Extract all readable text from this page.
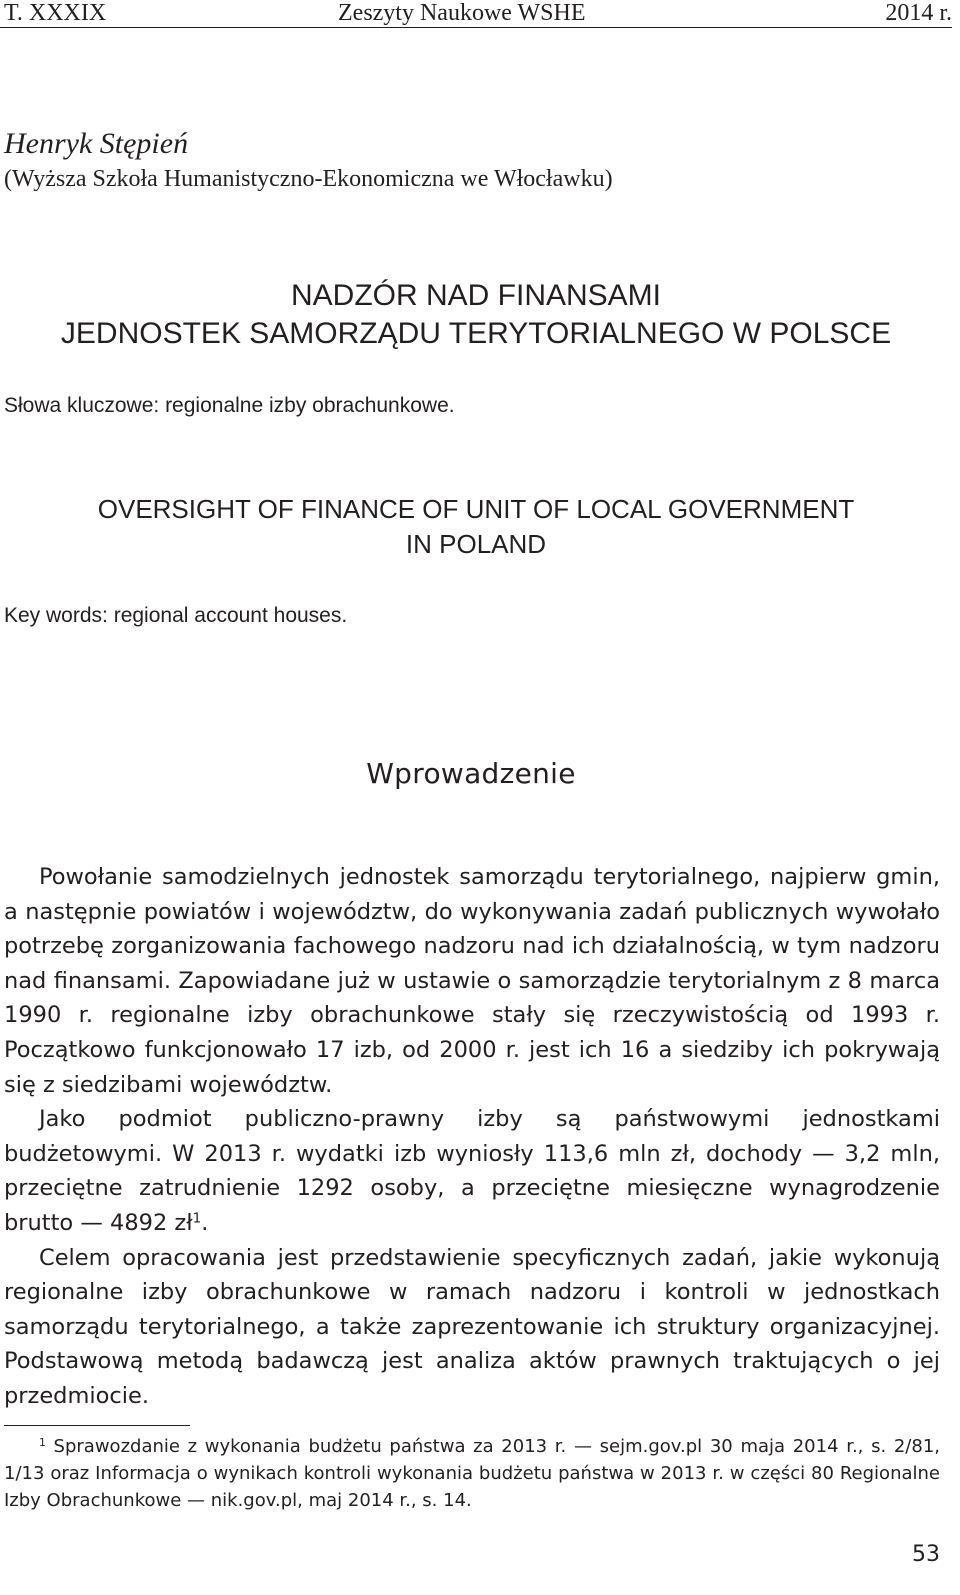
T. XXXIX	Zeszyty Naukowe WSHE	2014 r.
Henryk Stępień
(Wyższa Szkoła Humanistyczno-Ekonomiczna we Włocławku)
NADZÓR NAD FINANSAMI
JEDNOSTEK SAMORZĄDU TERYTORIALNEGO W POLSCE
Słowa kluczowe: regionalne izby obrachunkowe.
OVERSIGHT OF FINANCE OF UNIT OF LOCAL GOVERNMENT
IN POLAND
Key words: regional account houses.
Wprowadzenie

Powołanie samodzielnych jednostek samorządu terytorialnego, najpierw gmin, a następnie powiatów i województw, do wykonywania zadań publicznych wywołało potrzebę zorganizowania fachowego nadzoru nad ich działalnością, w tym nadzoru nad finansami. Zapowiadane już w ustawie o samorządzie terytorialnym z 8 marca 1990 r. regionalne izby obrachunkowe stały się rzeczywistością od 1993 r. Początkowo funkcjonowało 17 izb, od 2000 r. jest ich 16 a siedziby ich pokrywają się z siedzibami województw.

Jako podmiot publiczno-prawny izby są państwowymi jednostkami budżetowymi. W 2013 r. wydatki izb wyniosły 113,6 mln zł, dochody — 3,2 mln, przeciętne zatrudnienie 1292 osoby, a przeciętne miesięczne wynagrodzenie brutto — 4892 $zł^1$.

Celem opracowania jest przedstawienie specyficznych zadań, jakie wykonują regionalne izby obrachunkowe w ramach nadzoru i kontroli w jednostkach samorządu terytorialnego, a także zaprezentowanie ich struktury organizacyjnej. Podstawową metodą badawczą jest analiza aktów prawnych traktujących o jej przedmiocie.

$^1$ Sprawozdanie z wykonania budżetu państwa za 2013 r. — sejm.gov.pl 30 maja 2014 r., s. 2/81, 1/13 oraz Informacja o wynikach kontroli wykonania budżetu państwa w 2013 r. w części 80 Regionalne Izby Obrachunkowe — nik.gov.pl, maj 2014 r., s. 14.
53
